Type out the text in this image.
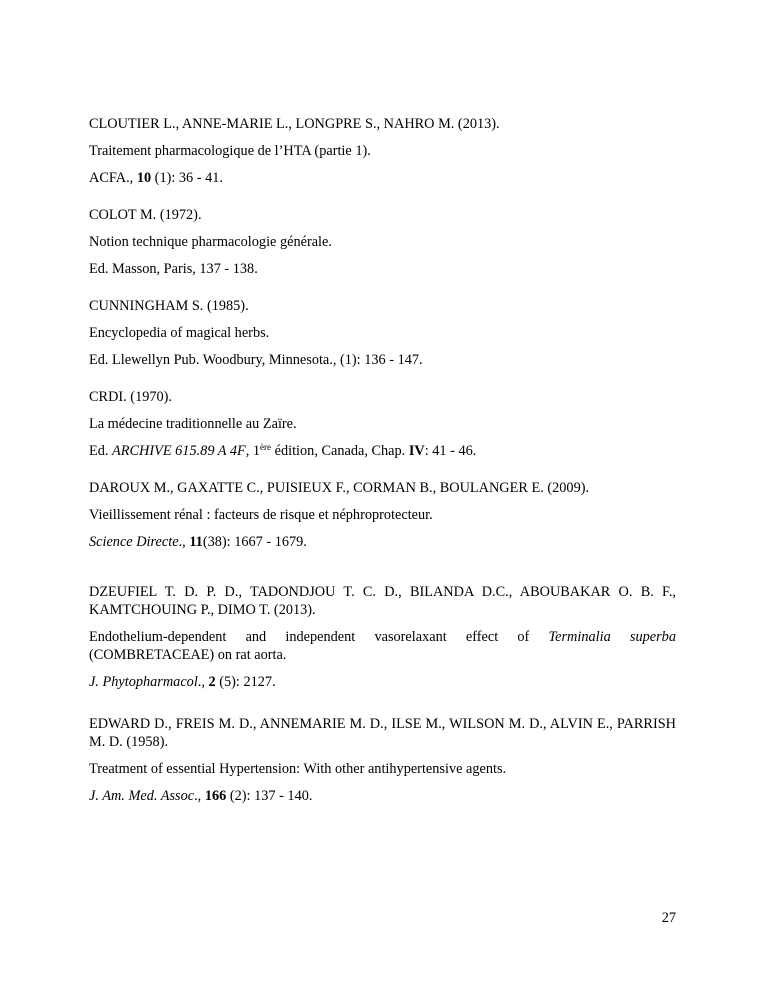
CLOUTIER L., ANNE-MARIE L., LONGPRE S., NAHRO M. (2013).

Traitement pharmacologique de l’HTA (partie 1).

ACFA., 10 (1): 36 - 41.

COLOT M. (1972).

Notion technique pharmacologie générale.

Ed. Masson, Paris, 137 - 138.

CUNNINGHAM S. (1985).

Encyclopedia of magical herbs.

Ed. Llewellyn Pub. Woodbury, Minnesota., (1): 136 - 147.

CRDI. (1970).

La médecine traditionnelle au Zaïre.

Ed. ARCHIVE 615.89 A 4F, 1ère édition, Canada, Chap. IV: 41 - 46.

DAROUX M., GAXATTE C., PUISIEUX F., CORMAN B., BOULANGER E. (2009).

Vieillissement rénal : facteurs de risque et néphroprotecteur.

Science Directe., 11(38): 1667 - 1679.

DZEUFIEL T. D. P. D., TADONDJOU T. C. D., BILANDA D.C., ABOUBAKAR O. B. F., KAMTCHOUING P., DIMO T. (2013).

Endothelium-dependent and independent vasorelaxant effect of Terminalia superba (COMBRETACEAE) on rat aorta.

J. Phytopharmacol., 2 (5): 2127.

EDWARD D., FREIS M. D., ANNEMARIE M. D., ILSE M., WILSON M. D., ALVIN E., PARRISH M. D. (1958).

Treatment of essential Hypertension: With other antihypertensive agents.

J. Am. Med. Assoc., 166 (2): 137 - 140.

27
